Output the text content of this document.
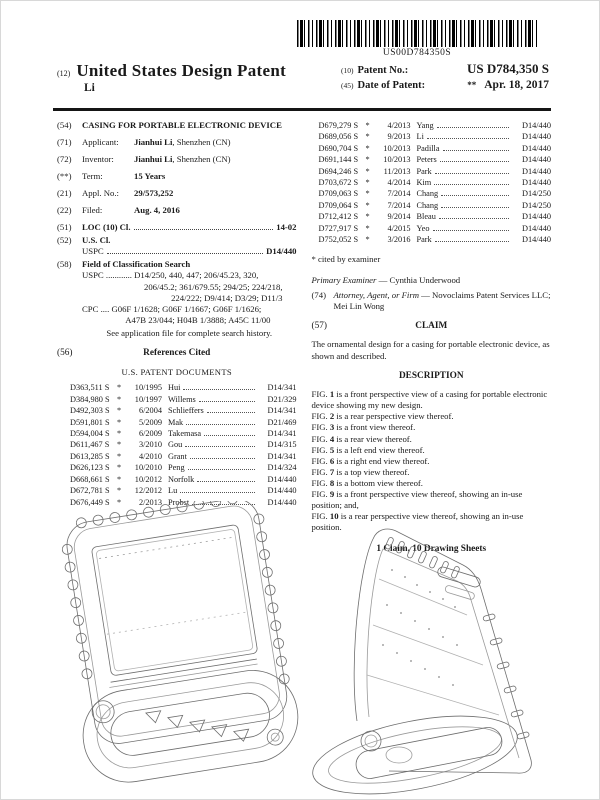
US00D784350S
(12) United States Design Patent
Li
(10) Patent No.:	US D784,350 S
(45) Date of Patent:	** Apr. 18, 2017
(54)	CASING FOR PORTABLE ELECTRONIC DEVICE
(71)	Applicant: Jianhui Li, Shenzhen (CN)
(72)	Inventor: Jianhui Li, Shenzhen (CN)
(**)	Term:	15 Years
(21)	Appl. No.: 29/573,252
(22)	Filed:	Aug. 4, 2016
(51)	LOC (10) Cl.	14-02
(52)	U.S. Cl.
USPC	D14/440
(58)	Field of Classification Search
USPC ............ D14/250, 440, 447; 206/45.23, 320,
206/45.2; 361/679.55; 294/25; 224/218,
224/222; D9/414; D3/29; D11/3
CPC .... G06F 1/1628; G06F 1/1667; G06F 1/1626;
A47B 23/044; H04B 1/3888; A45C 11/00
See application file for complete search history.
(56)	References Cited
U.S. PATENT DOCUMENTS
D363,511 S *	10/1995 Hui	D14/341
D384,980 S *	10/1997 Willems	D21/329
D492,303 S *	6/2004 Schlieffers	D14/341
D591,801 S *	5/2009 Mak	D21/469
D594,004 S *	6/2009 Takemasa	D14/341
D611,467 S *	3/2010 Gou	D14/315
D613,285 S *	4/2010 Grant	D14/341
D626,123 S *	10/2010 Peng	D14/324
D668,661 S *	10/2012 Norfolk	D14/440
D672,781 S *	12/2012 Lu	D14/440
D676,449 S *	2/2013 Probst	D14/440
D679,279 S *	4/2013 Yang	D14/440
D689,056 S *	9/2013 Li	D14/440
D690,704 S *	10/2013 Padilla	D14/440
D691,144 S *	10/2013 Peters	D14/440
D694,246 S *	11/2013 Park	D14/440
D703,672 S *	4/2014 Kim	D14/440
D709,063 S *	7/2014 Chang	D14/250
D709,064 S *	7/2014 Chang	D14/250
D712,412 S *	9/2014 Bleau	D14/440
D727,917 S *	4/2015 Yeo	D14/440
D752,052 S *	3/2016 Park	D14/440
* cited by examiner
Primary Examiner — Cynthia Underwood
(74) Attorney, Agent, or Firm — Novoclaims Patent Services LLC; Mei Lin Wong
(57)	CLAIM
The ornamental design for a casing for portable electronic device, as shown and described.
DESCRIPTION
FIG. 1 is a front perspective view of a casing for portable electronic device showing my new design.
FIG. 2 is a rear perspective view thereof.
FIG. 3 is a front view thereof.
FIG. 4 is a rear view thereof.
FIG. 5 is a left end view thereof.
FIG. 6 is a right end view thereof.
FIG. 7 is a top view thereof.
FIG. 8 is a bottom view thereof.
FIG. 9 is a front perspective view thereof, showing an in-use position; and,
FIG. 10 is a rear perspective view thereof, showing an in-use position.
1 Claim, 10 Drawing Sheets
